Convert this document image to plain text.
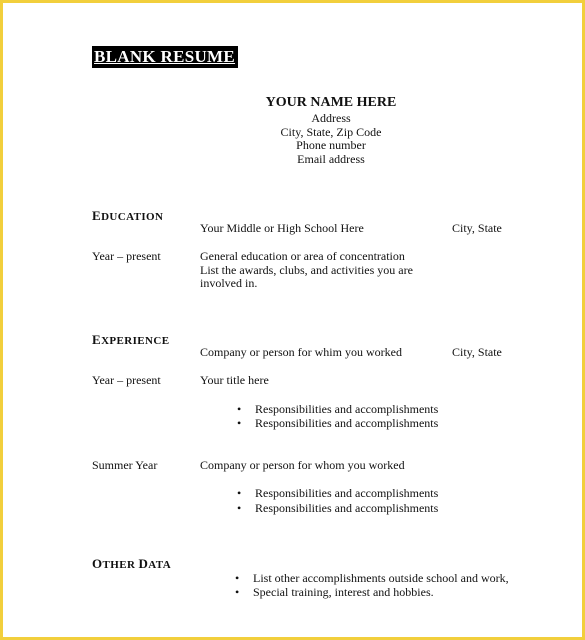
BLANK RESUME
YOUR NAME HERE
Address
City, State, Zip Code
Phone number
Email address
EDUCATION
Your Middle or High School Here	City, State
Year – present	General education or area of concentration
List the awards, clubs, and activities you are
involved in.
EXPERIENCE
Company or person for whim you worked	City, State
Year – present	Your title here
• Responsibilities and accomplishments
• Responsibilities and accomplishments
Summer Year	Company or person for whom you worked
• Responsibilities and accomplishments
• Responsibilities and accomplishments
OTHER DATA
• List other accomplishments outside school and work,
• Special training, interest and hobbies.
